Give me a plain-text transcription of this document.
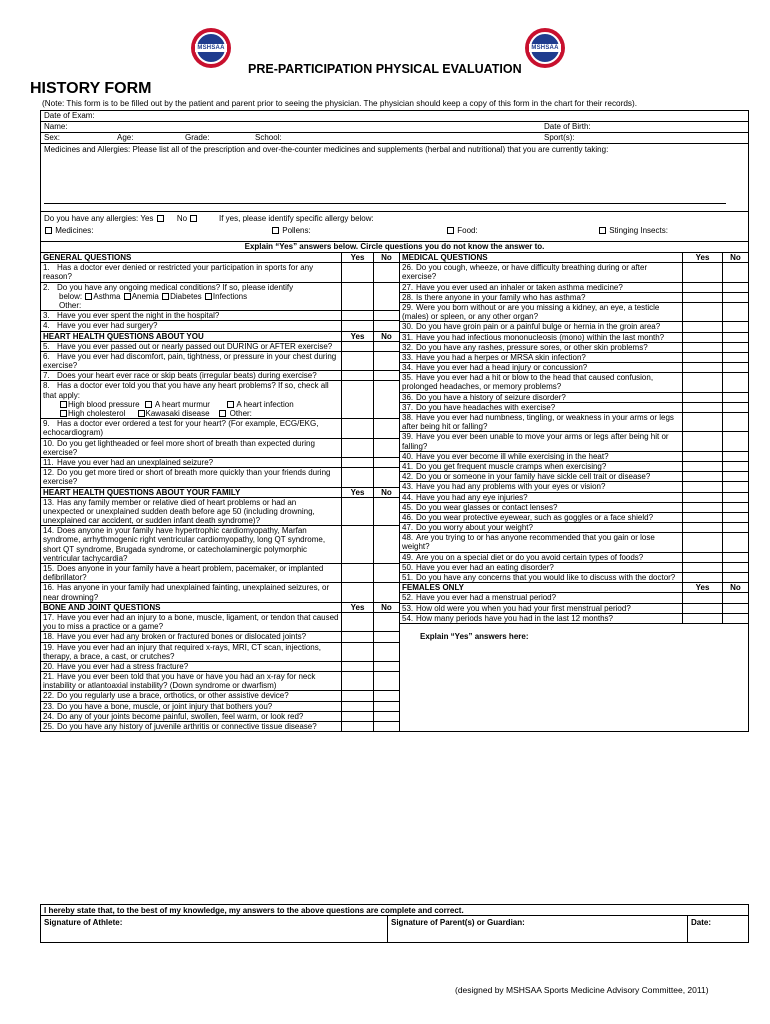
MSHSAA	MSHSAA
PRE-PARTICIPATION PHYSICAL EVALUATION
HISTORY FORM
(Note: This form is to be filled out by the patient and parent prior to seeing the physician. The physician should keep a copy of this form in the chart for their records).
Date of Exam:
Name:	Date of Birth:
Sex:	Age:	Grade:	School:	Sport(s):
Medicines and Allergies: Please list all of the prescription and over-the-counter medicines and supplements (herbal and nutritional) that you are currently taking:
Do you have any allergies: Yes	No	If yes, please identify specific allergy below:
Medicines:	Pollens:	Food:	Stinging Insects:
Explain “Yes” answers below. Circle questions you do not know the answer to.
GENERAL QUESTIONS	Yes	No
1. Has a doctor ever denied or restricted your participation in sports for any reason?
2. Do you have any ongoing medical conditions? If so, please identify
below: Asthma Anemia Diabetes Infections
Other:
3. Have you ever spent the night in the hospital?
4. Have you ever had surgery?
HEART HEALTH QUESTIONS ABOUT YOU	Yes	No
5. Have you ever passed out or nearly passed out DURING or AFTER exercise?
6. Have you ever had discomfort, pain, tightness, or pressure in your chest during exercise?
7. Does your heart ever race or skip beats (irregular beats) during exercise?
8. Has a doctor ever told you that you have any heart problems? If so, check all that apply:
High blood pressure A heart murmur	A heart infection
High cholesterol	Kawasaki disease	Other:
9. Has a doctor ever ordered a test for your heart? (For example, ECG/EKG, echocardiogram)
10. Do you get lightheaded or feel more short of breath than expected during exercise?
11. Have you ever had an unexplained seizure?
12. Do you get more tired or short of breath more quickly than your friends during exercise?
HEART HEALTH QUESTIONS ABOUT YOUR FAMILY	Yes	No
13. Has any family member or relative died of heart problems or had an unexpected or unexplained sudden death before age 50 (including drowning, unexplained car accident, or sudden infant death syndrome)?
14. Does anyone in your family have hypertrophic cardiomyopathy, Marfan syndrome, arrhythmogenic right ventricular cardiomyopathy, long QT syndrome, short QT syndrome, Brugada syndrome, or catecholaminergic polymorphic ventricular tachycardia?
15. Does anyone in your family have a heart problem, pacemaker, or implanted defibrillator?
16. Has anyone in your family had unexplained fainting, unexplained seizures, or near drowning?
BONE AND JOINT QUESTIONS	Yes	No
17. Have you ever had an injury to a bone, muscle, ligament, or tendon that caused you to miss a practice or a game?
18. Have you ever had any broken or fractured bones or dislocated joints?
19. Have you ever had an injury that required x-rays, MRI, CT scan, injections, therapy, a brace, a cast, or crutches?
20. Have you ever had a stress fracture?
21. Have you ever been told that you have or have you had an x-ray for neck instability or atlantoaxial instability? (Down syndrome or dwarfism)
22. Do you regularly use a brace, orthotics, or other assistive device?
23. Do you have a bone, muscle, or joint injury that bothers you?
24. Do any of your joints become painful, swollen, feel warm, or look red?
25. Do you have any history of juvenile arthritis or connective tissue disease?
MEDICAL QUESTIONS	Yes	No
26. Do you cough, wheeze, or have difficulty breathing during or after exercise?
27. Have you ever used an inhaler or taken asthma medicine?
28. Is there anyone in your family who has asthma?
29. Were you born without or are you missing a kidney, an eye, a testicle (males) or spleen, or any other organ?
30. Do you have groin pain or a painful bulge or hernia in the groin area?
31. Have you had infectious mononucleosis (mono) within the last month?
32. Do you have any rashes, pressure sores, or other skin problems?
33. Have you had a herpes or MRSA skin infection?
34. Have you ever had a head injury or concussion?
35. Have you ever had a hit or blow to the head that caused confusion, prolonged headaches, or memory problems?
36. Do you have a history of seizure disorder?
37. Do you have headaches with exercise?
38. Have you ever had numbness, tingling, or weakness in your arms or legs after being hit or falling?
39. Have you ever been unable to move your arms or legs after being hit or falling?
40. Have you ever become ill while exercising in the heat?
41. Do you get frequent muscle cramps when exercising?
42. Do you or someone in your family have sickle cell trait or disease?
43. Have you had any problems with your eyes or vision?
44. Have you had any eye injuries?
45. Do you wear glasses or contact lenses?
46. Do you wear protective eyewear, such as goggles or a face shield?
47. Do you worry about your weight?
48. Are you trying to or has anyone recommended that you gain or lose weight?
49. Are you on a special diet or do you avoid certain types of foods?
50. Have you ever had an eating disorder?
51. Do you have any concerns that you would like to discuss with the doctor?
FEMALES ONLY	Yes	No
52. Have you ever had a menstrual period?
53. How old were you when you had your first menstrual period?
54. How many periods have you had in the last 12 months?
Explain “Yes” answers here:
I hereby state that, to the best of my knowledge, my answers to the above questions are complete and correct.
Signature of Athlete:	Signature of Parent(s) or Guardian:	Date:
(designed by MSHSAA Sports Medicine Advisory Committee, 2011)
